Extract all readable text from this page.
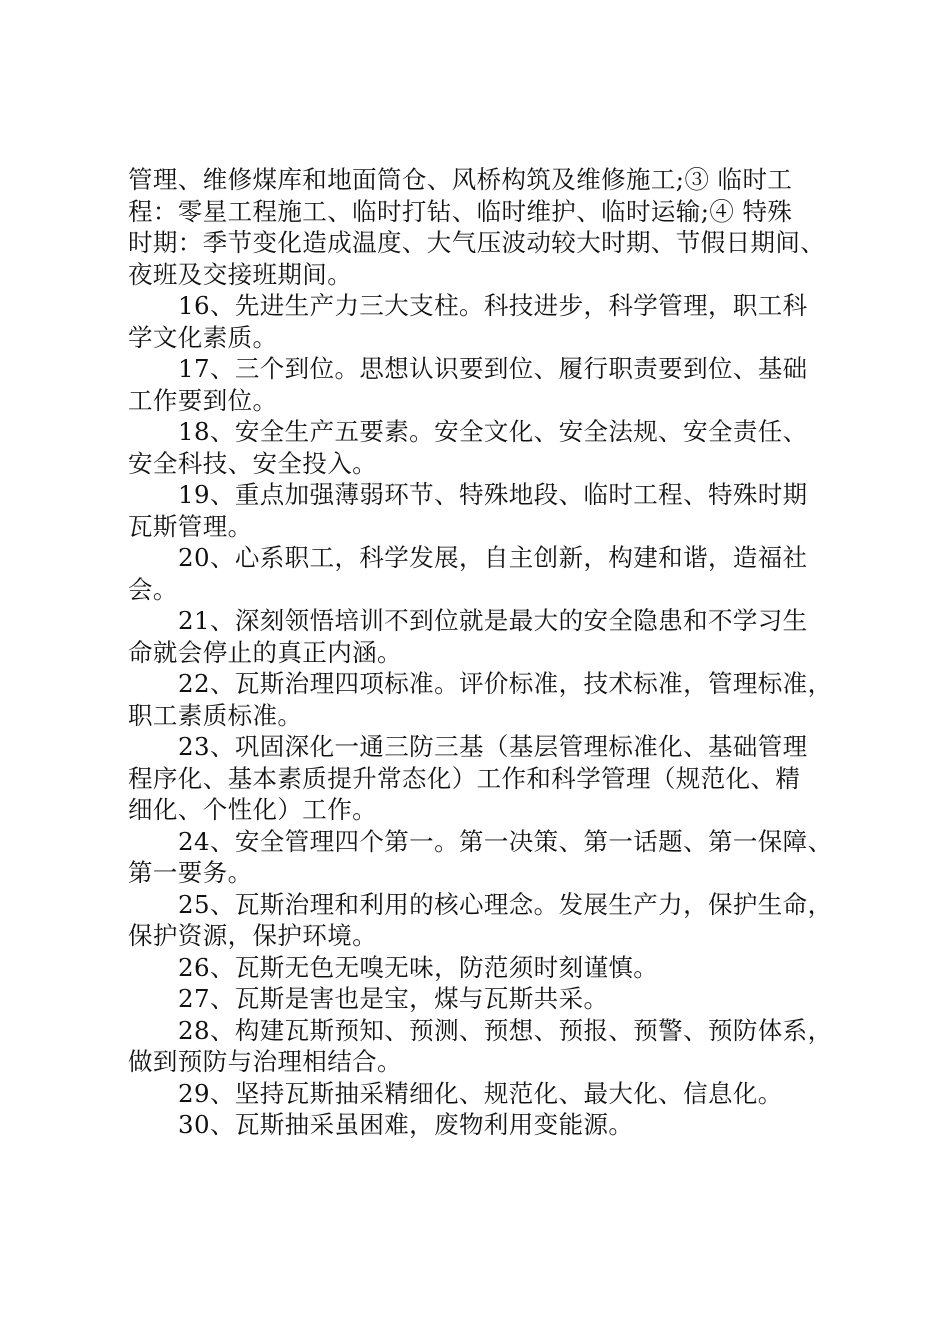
管理、维修煤库和地面筒仓、风桥构筑及维修施工;③ 临时工
程：零星工程施工、临时打钻、临时维护、临时运输;④ 特殊
时期：季节变化造成温度、大气压波动较大时期、节假日期间、
夜班及交接班期间。
16、先进生产力三大支柱。科技进步，科学管理，职工科
学文化素质。
17、三个到位。思想认识要到位、履行职责要到位、基础
工作要到位。
18、安全生产五要素。安全文化、安全法规、安全责任、
安全科技、安全投入。
19、重点加强薄弱环节、特殊地段、临时工程、特殊时期
瓦斯管理。
20、心系职工，科学发展，自主创新，构建和谐，造福社
会。
21、深刻领悟培训不到位就是最大的安全隐患和不学习生
命就会停止的真正内涵。
22、瓦斯治理四项标准。评价标准，技术标准，管理标准，
职工素质标准。
23、巩固深化一通三防三基（基层管理标准化、基础管理
程序化、基本素质提升常态化）工作和科学管理（规范化、精
细化、个性化）工作。
24、安全管理四个第一。第一决策、第一话题、第一保障、
第一要务。
25、瓦斯治理和利用的核心理念。发展生产力，保护生命，
保护资源，保护环境。
26、瓦斯无色无嗅无味，防范须时刻谨慎。
27、瓦斯是害也是宝，煤与瓦斯共采。
28、构建瓦斯预知、预测、预想、预报、预警、预防体系，
做到预防与治理相结合。
29、坚持瓦斯抽采精细化、规范化、最大化、信息化。
30、瓦斯抽采虽困难，废物利用变能源。
